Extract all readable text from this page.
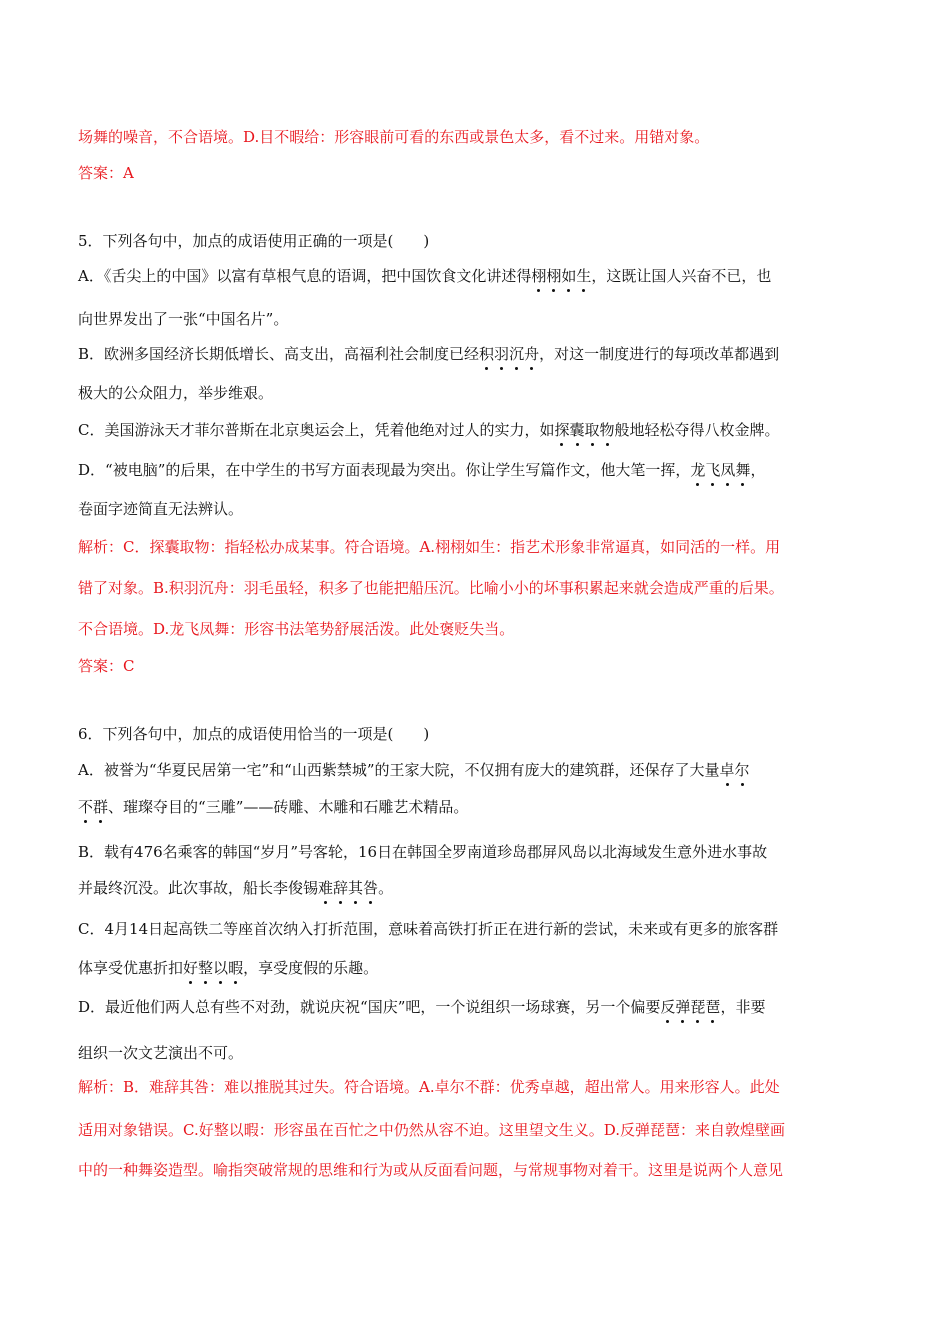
场舞的噪音，不合语境。D.目不暇给：形容眼前可看的东西或景色太多，看不过来。用错对象。
答案：A
5．下列各句中，加点的成语使用正确的一项是(　　)
A．《舌尖上的中国》以富有草根气息的语调，把中国饮食文化讲述得栩栩如生，这既让国人兴奋不已，也
向世界发出了一张“中国名片”。
B．欧洲多国经济长期低增长、高支出，高福利社会制度已经积羽沉舟，对这一制度进行的每项改革都遇到
极大的公众阻力，举步维艰。
C．美国游泳天才菲尔普斯在北京奥运会上，凭着他绝对过人的实力，如探囊取物般地轻松夺得八枚金牌。
D．“被电脑”的后果，在中学生的书写方面表现最为突出。你让学生写篇作文，他大笔一挥，龙飞凤舞，
卷面字迹简直无法辨认。
解析：C．探囊取物：指轻松办成某事。符合语境。A.栩栩如生：指艺术形象非常逼真，如同活的一样。用
错了对象。B.积羽沉舟：羽毛虽轻，积多了也能把船压沉。比喻小小的坏事积累起来就会造成严重的后果。
不合语境。D.龙飞凤舞：形容书法笔势舒展活泼。此处褒贬失当。
答案：C
6．下列各句中，加点的成语使用恰当的一项是(　　)
A．被誉为“华夏民居第一宅”和“山西紫禁城”的王家大院，不仅拥有庞大的建筑群，还保存了大量卓尔
不群、璀璨夺目的“三雕”——砖雕、木雕和石雕艺术精品。
B．载有476名乘客的韩国“岁月”号客轮，16日在韩国全罗南道珍岛郡屏风岛以北海域发生意外进水事故
并最终沉没。此次事故，船长李俊锡难辞其咎。
C．4月14日起高铁二等座首次纳入打折范围，意味着高铁打折正在进行新的尝试，未来或有更多的旅客群
体享受优惠折扣好整以暇，享受度假的乐趣。
D．最近他们两人总有些不对劲，就说庆祝“国庆”吧，一个说组织一场球赛，另一个偏要反弹琵琶，非要
组织一次文艺演出不可。
解析：B．难辞其咎：难以推脱其过失。符合语境。A.卓尔不群：优秀卓越，超出常人。用来形容人。此处
适用对象错误。C.好整以暇：形容虽在百忙之中仍然从容不迫。这里望文生义。D.反弹琵琶：来自敦煌壁画
中的一种舞姿造型。喻指突破常规的思维和行为或从反面看问题，与常规事物对着干。这里是说两个人意见
